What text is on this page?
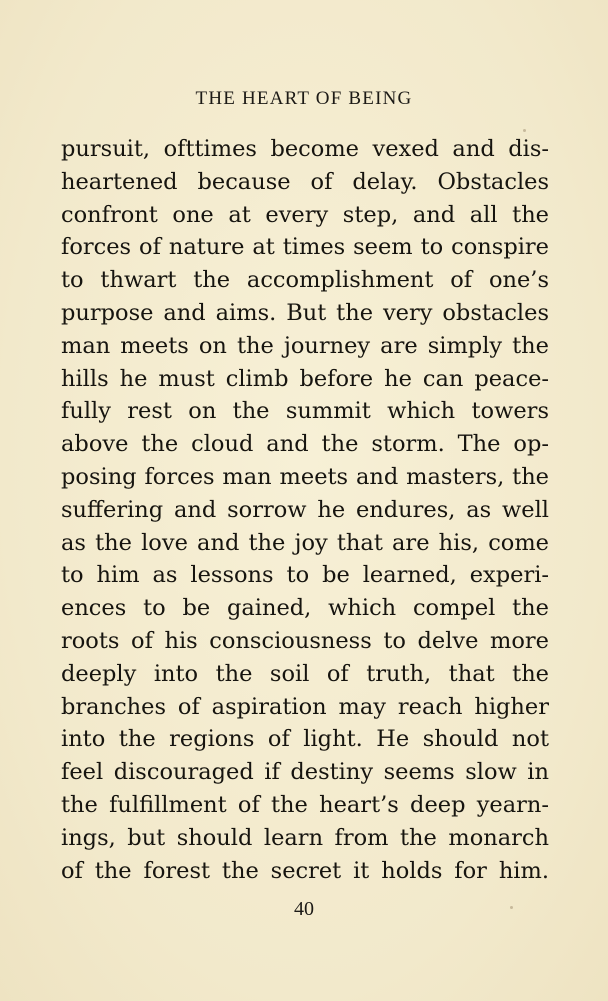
THE HEART OF BEING
pursuit, ofttimes become vexed and dis-
heartened because of delay. Obstacles
confront one at every step, and all the
forces of nature at times seem to conspire
to thwart the accomplishment of one’s
purpose and aims. But the very obstacles
man meets on the journey are simply the
hills he must climb before he can peace-
fully rest on the summit which towers
above the cloud and the storm. The op-
posing forces man meets and masters, the
suffering and sorrow he endures, as well
as the love and the joy that are his, come
to him as lessons to be learned, experi-
ences to be gained, which compel the
roots of his consciousness to delve more
deeply into the soil of truth, that the
branches of aspiration may reach higher
into the regions of light. He should not
feel discouraged if destiny seems slow in
the fulfillment of the heart’s deep yearn-
ings, but should learn from the monarch
of the forest the secret it holds for him.
40
